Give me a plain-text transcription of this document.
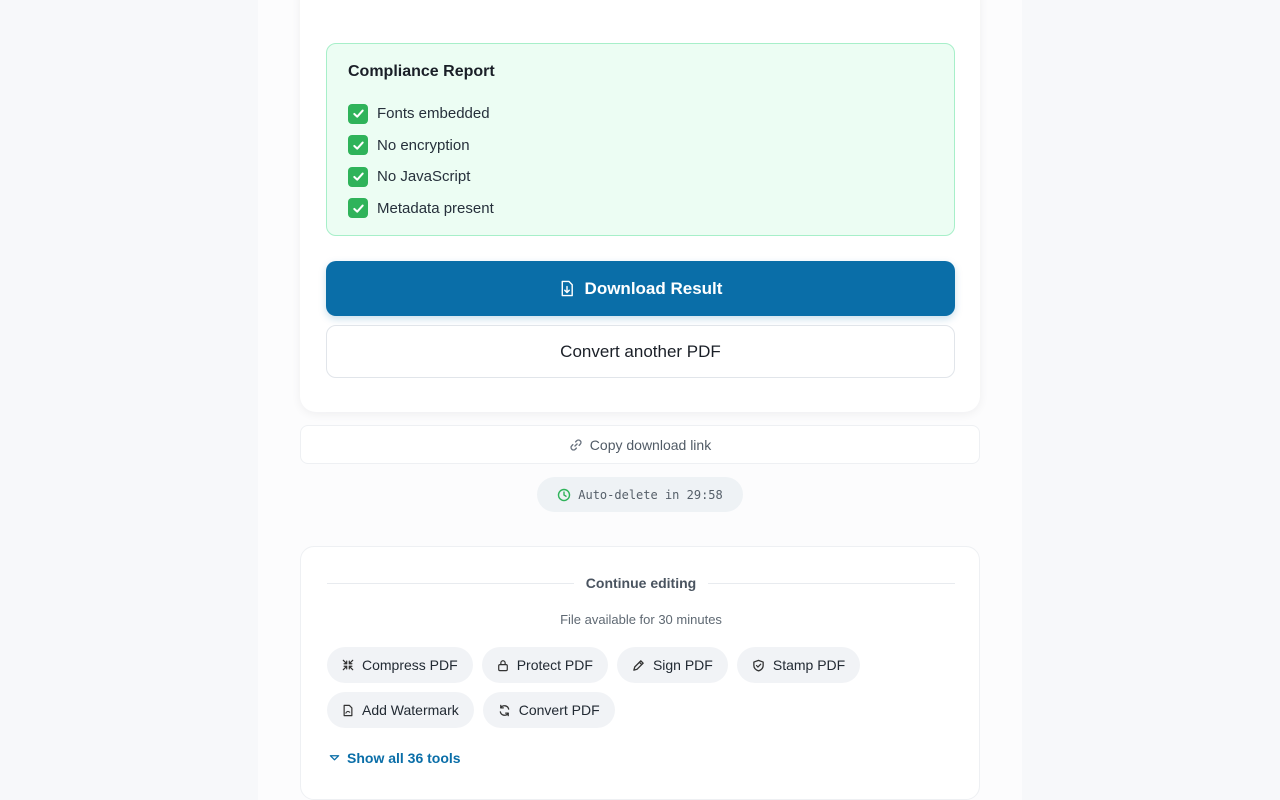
Compliance Report
Fonts embedded
No encryption
No JavaScript
Metadata present
Download Result
Convert another PDF
Copy download link
Auto-delete in 29:58
Continue editing
File available for 30 minutes
Compress PDF	Protect PDF	Sign PDF	Stamp PDF
Add Watermark	Convert PDF
Show all 36 tools
